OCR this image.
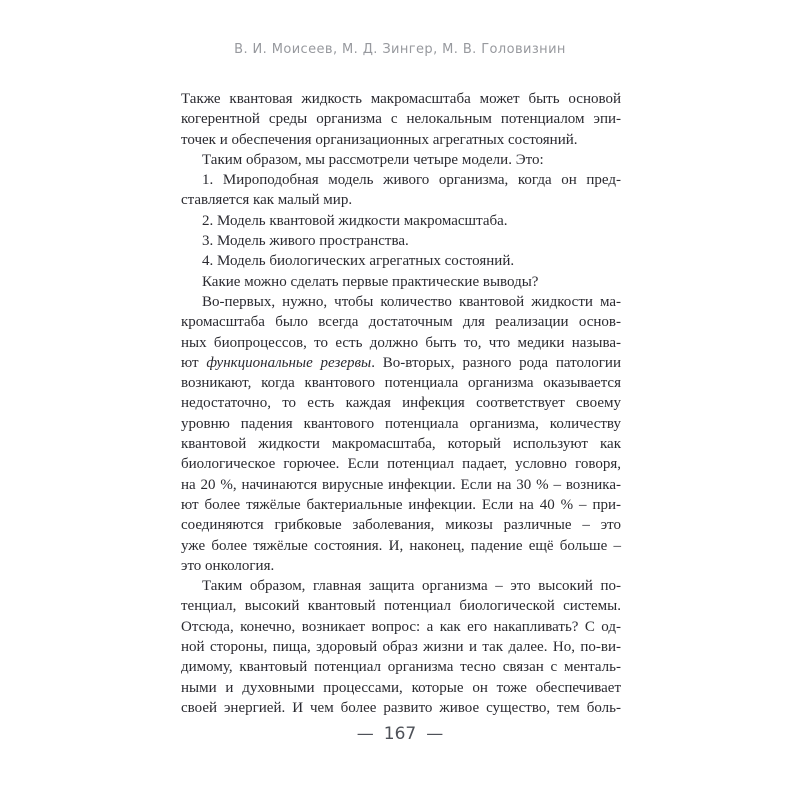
В. И. Моисеев, М. Д. Зингер, М. В. Головизнин
Также квантовая жидкость макромасштаба может быть основой
когерентной среды организма с нелокальным потенциалом эпи-
точек и обеспечения организационных агрегатных состояний.
Таким образом, мы рассмотрели четыре модели. Это:
1. Мироподобная модель живого организма, когда он пред-
ставляется как малый мир.
2. Модель квантовой жидкости макромасштаба.
3. Модель живого пространства.
4. Модель биологических агрегатных состояний.
Какие можно сделать первые практические выводы?
Во-первых, нужно, чтобы количество квантовой жидкости ма-
кромасштаба было всегда достаточным для реализации основ-
ных биопроцессов, то есть должно быть то, что медики называ-
ют функциональные резервы. Во-вторых, разного рода патологии
возникают, когда квантового потенциала организма оказывается
недостаточно, то есть каждая инфекция соответствует своему
уровню падения квантового потенциала организма, количеству
квантовой жидкости макромасштаба, который используют как
биологическое горючее. Если потенциал падает, условно говоря,
на 20 %, начинаются вирусные инфекции. Если на 30 % – возника-
ют более тяжёлые бактериальные инфекции. Если на 40 % – при-
соединяются грибковые заболевания, микозы различные – это
уже более тяжёлые состояния. И, наконец, падение ещё больше –
это онкология.
Таким образом, главная защита организма – это высокий по-
тенциал, высокий квантовый потенциал биологической системы.
Отсюда, конечно, возникает вопрос: а как его накапливать? С од-
ной стороны, пища, здоровый образ жизни и так далее. Но, по-ви-
димому, квантовый потенциал организма тесно связан с менталь-
ными и духовными процессами, которые он тоже обеспечивает
своей энергией. И чем более развито живое существо, тем боль-
— 167 —
